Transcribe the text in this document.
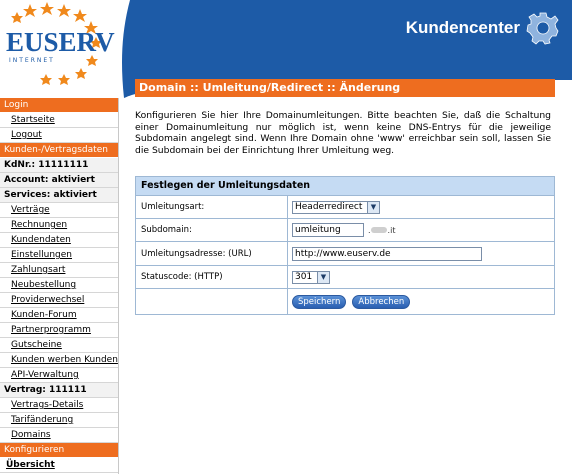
EUSERV
INTERNET
Kundencenter
Login
Startseite
Logout
Kunden-/Vertragsdaten
KdNr.: 11111111
Account: aktiviert
Services: aktiviert
Verträge
Rechnungen
Kundendaten
Einstellungen
Zahlungsart
Neubestellung
Providerwechsel
Kunden-Forum
Partnerprogramm
Gutscheine
Kunden werben Kunden
API-Verwaltung
Vertrag: 111111
Vertrags-Details
Tarifänderung
Domains
Konfigurieren
Übersicht
Domain :: Umleitung/Redirect :: Änderung
Konfigurieren Sie hier Ihre Domainumleitungen. Bitte beachten Sie, daß die Schaltung einer Domainumleitung nur möglich ist, wenn keine DNS-Entrys für die jeweilige Subdomain angelegt sind. Wenn Ihre Domain ohne 'www' erreichbar sein soll, lassen Sie die Subdomain bei der Einrichtung Ihrer Umleitung weg.
Festlegen der Umleitungsdaten
Umleitungsart:	Headerredirect	▼
Subdomain:	umleitung	. .it
Umleitungsadresse: (URL)	http://www.euserv.de
Statuscode: (HTTP)	301	▼
Speichern	Abbrechen
